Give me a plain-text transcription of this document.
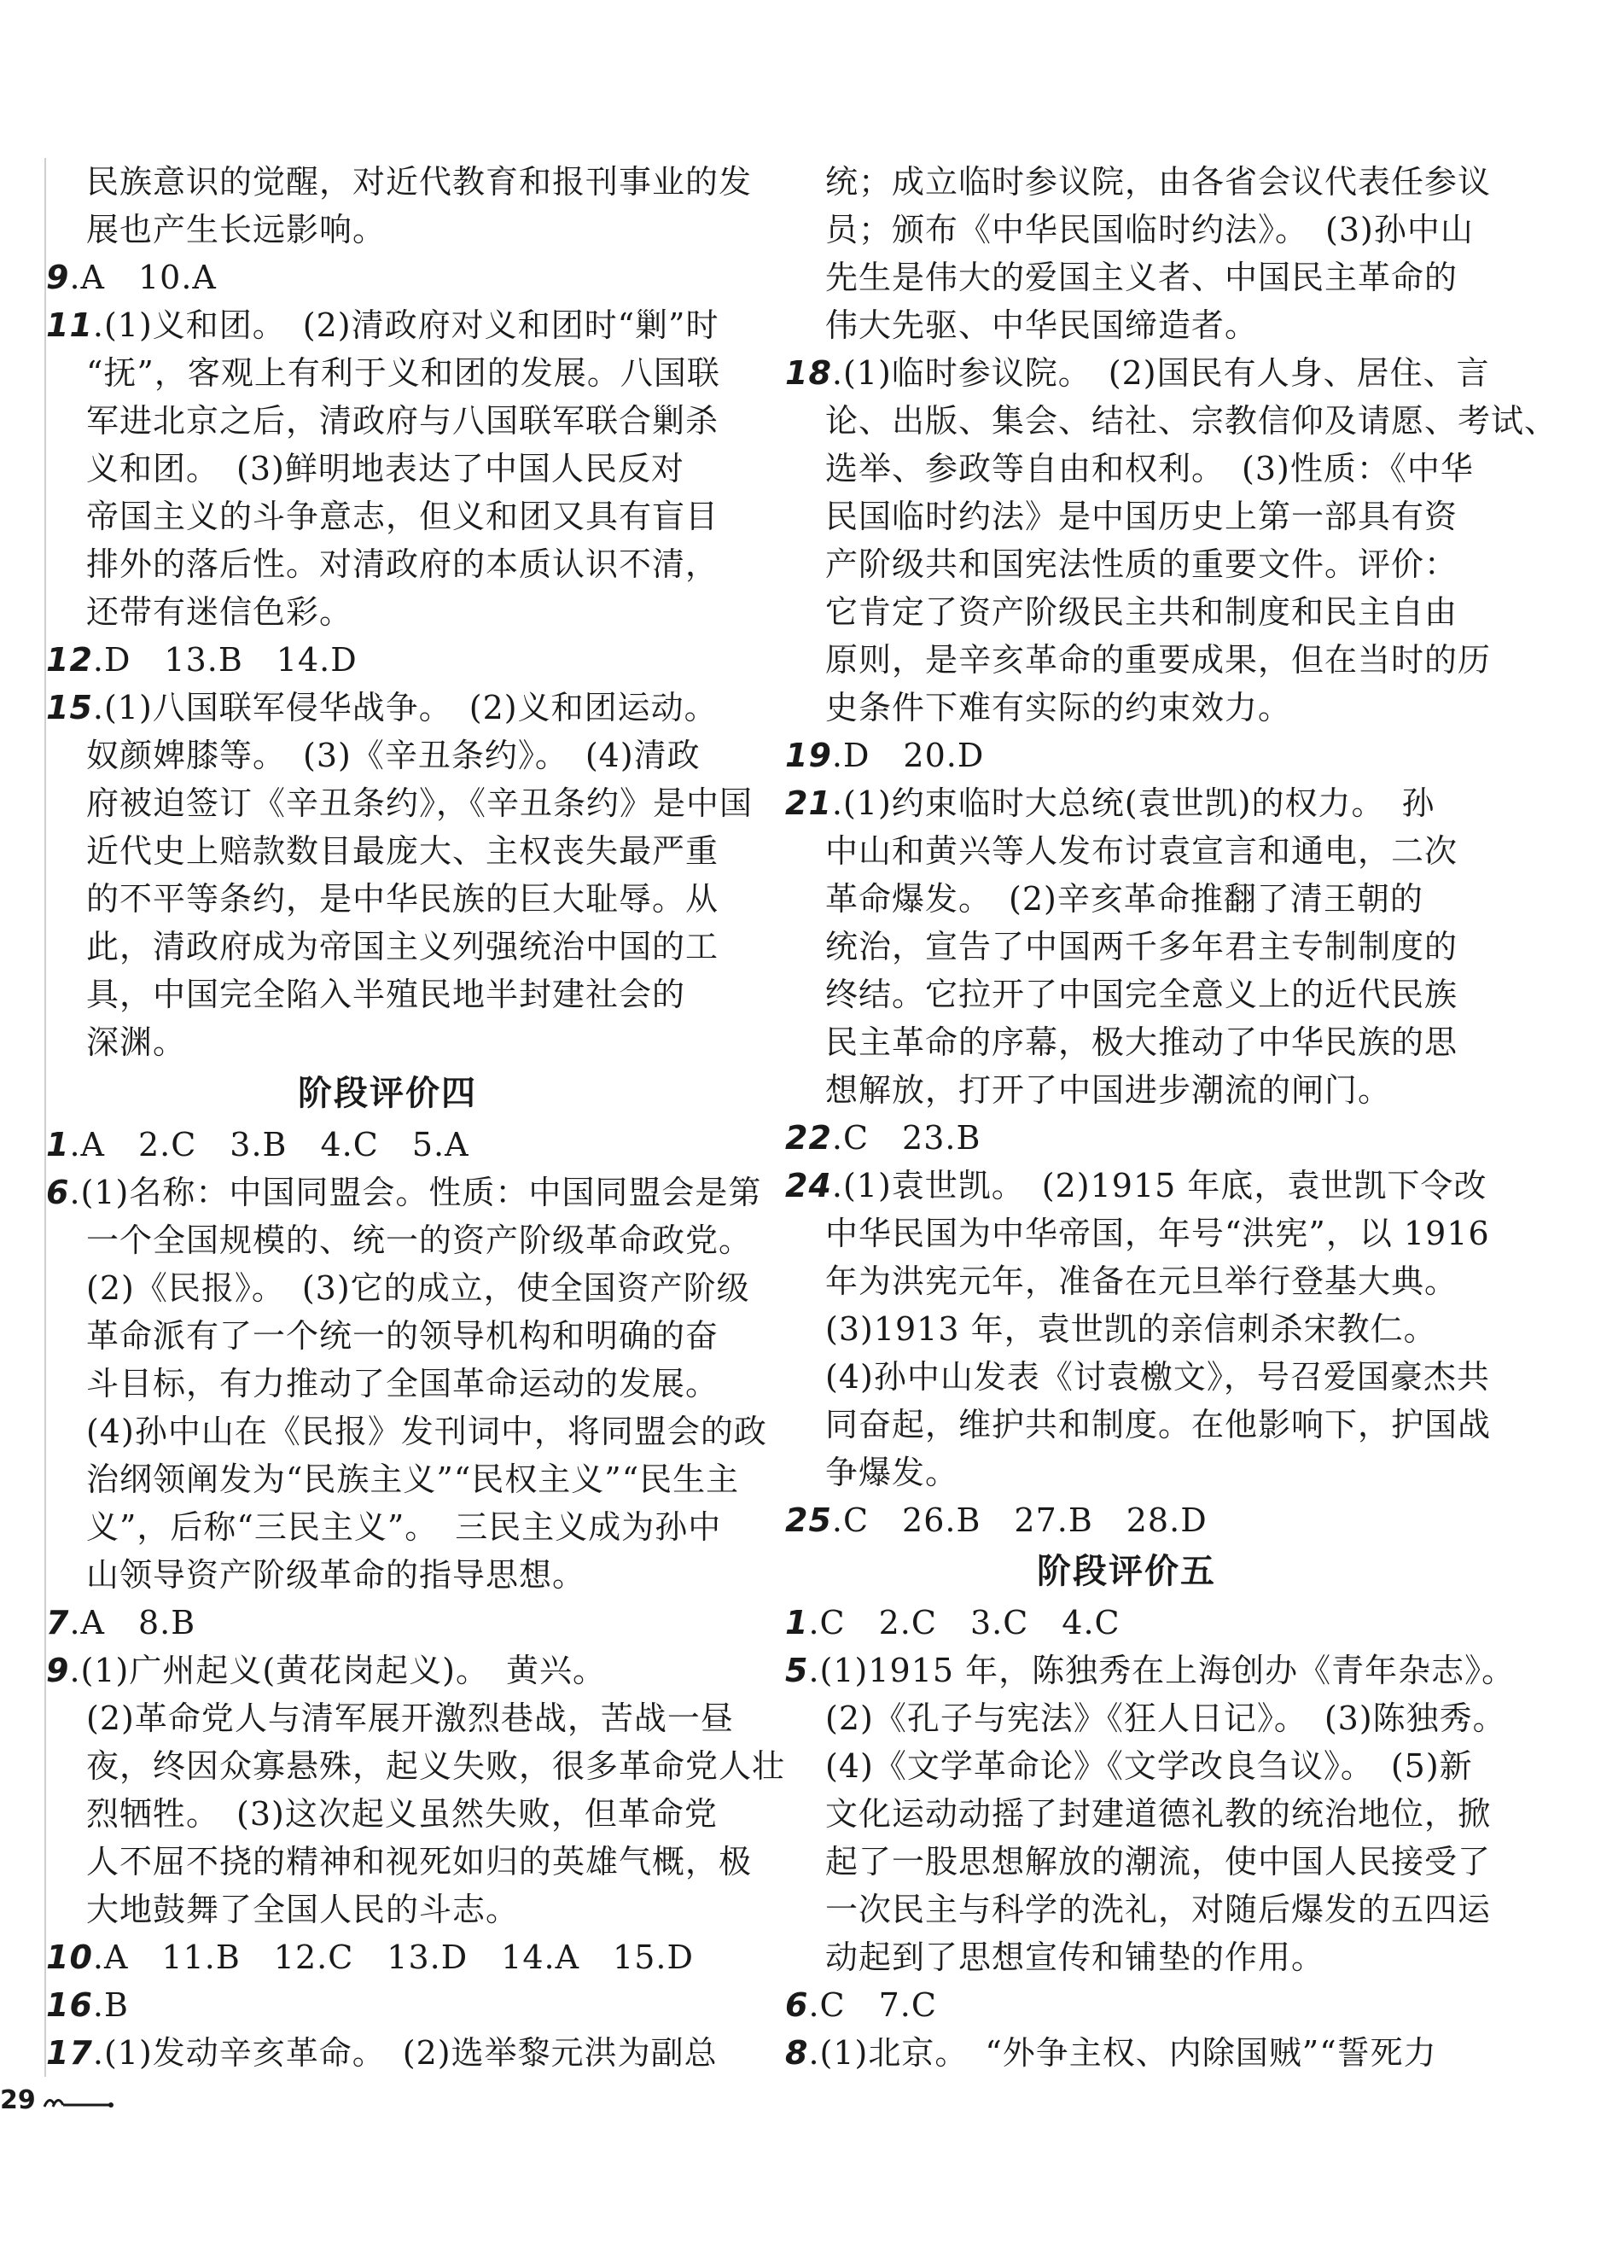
民族意识的觉醒，对近代教育和报刊事业的发
展也产生长远影响。
9.A　10.A
11.(1)义和团。　(2)清政府对义和团时“剿”时
“抚”，客观上有利于义和团的发展。八国联
军进北京之后，清政府与八国联军联合剿杀
义和团。　(3)鲜明地表达了中国人民反对
帝国主义的斗争意志，但义和团又具有盲目
排外的落后性。对清政府的本质认识不清，
还带有迷信色彩。
12.D　13.B　14.D
15.(1)八国联军侵华战争。　(2)义和团运动。
奴颜婢膝等。　(3)《辛丑条约》。　(4)清政
府被迫签订《辛丑条约》，《辛丑条约》是中国
近代史上赔款数目最庞大、主权丧失最严重
的不平等条约，是中华民族的巨大耻辱。从
此，清政府成为帝国主义列强统治中国的工
具，中国完全陷入半殖民地半封建社会的
深渊。
阶段评价四
1.A　2.C　3.B　4.C　5.A
6.(1)名称：中国同盟会。性质：中国同盟会是第
一个全国规模的、统一的资产阶级革命政党。
(2)《民报》。　(3)它的成立，使全国资产阶级
革命派有了一个统一的领导机构和明确的奋
斗目标，有力推动了全国革命运动的发展。
(4)孙中山在《民报》发刊词中，将同盟会的政
治纲领阐发为“民族主义”“民权主义”“民生主
义”，后称“三民主义”。　三民主义成为孙中
山领导资产阶级革命的指导思想。
7.A　8.B
9.(1)广州起义(黄花岗起义)。　黄兴。
(2)革命党人与清军展开激烈巷战，苦战一昼
夜，终因众寡悬殊，起义失败，很多革命党人壮
烈牺牲。　(3)这次起义虽然失败，但革命党
人不屈不挠的精神和视死如归的英雄气概，极
大地鼓舞了全国人民的斗志。
10.A　11.B　12.C　13.D　14.A　15.D
16.B
17.(1)发动辛亥革命。　(2)选举黎元洪为副总
统；成立临时参议院，由各省会议代表任参议
员；颁布《中华民国临时约法》。　(3)孙中山
先生是伟大的爱国主义者、中国民主革命的
伟大先驱、中华民国缔造者。
18.(1)临时参议院。　(2)国民有人身、居住、言
论、出版、集会、结社、宗教信仰及请愿、考试、
选举、参政等自由和权利。　(3)性质：《中华
民国临时约法》是中国历史上第一部具有资
产阶级共和国宪法性质的重要文件。评价：
它肯定了资产阶级民主共和制度和民主自由
原则，是辛亥革命的重要成果，但在当时的历
史条件下难有实际的约束效力。
19.D　20.D
21.(1)约束临时大总统(袁世凯)的权力。　孙
中山和黄兴等人发布讨袁宣言和通电，二次
革命爆发。　(2)辛亥革命推翻了清王朝的
统治，宣告了中国两千多年君主专制制度的
终结。它拉开了中国完全意义上的近代民族
民主革命的序幕，极大推动了中华民族的思
想解放，打开了中国进步潮流的闸门。
22.C　23.B
24.(1)袁世凯。　(2)1915 年底，袁世凯下令改
中华民国为中华帝国，年号“洪宪”，以 1916
年为洪宪元年，准备在元旦举行登基大典。
(3)1913 年，袁世凯的亲信刺杀宋教仁。
(4)孙中山发表《讨袁檄文》，号召爱国豪杰共
同奋起，维护共和制度。在他影响下，护国战
争爆发。
25.C　26.B　27.B　28.D
阶段评价五
1.C　2.C　3.C　4.C
5.(1)1915 年，陈独秀在上海创办《青年杂志》。
(2)《孔子与宪法》《狂人日记》。　(3)陈独秀。
(4)《文学革命论》《文学改良刍议》。　(5)新
文化运动动摇了封建道德礼教的统治地位，掀
起了一股思想解放的潮流，使中国人民接受了
一次民主与科学的洗礼，对随后爆发的五四运
动起到了思想宣传和铺垫的作用。
6.C　7.C
8.(1)北京。　“外争主权、内除国贼”“誓死力
29
